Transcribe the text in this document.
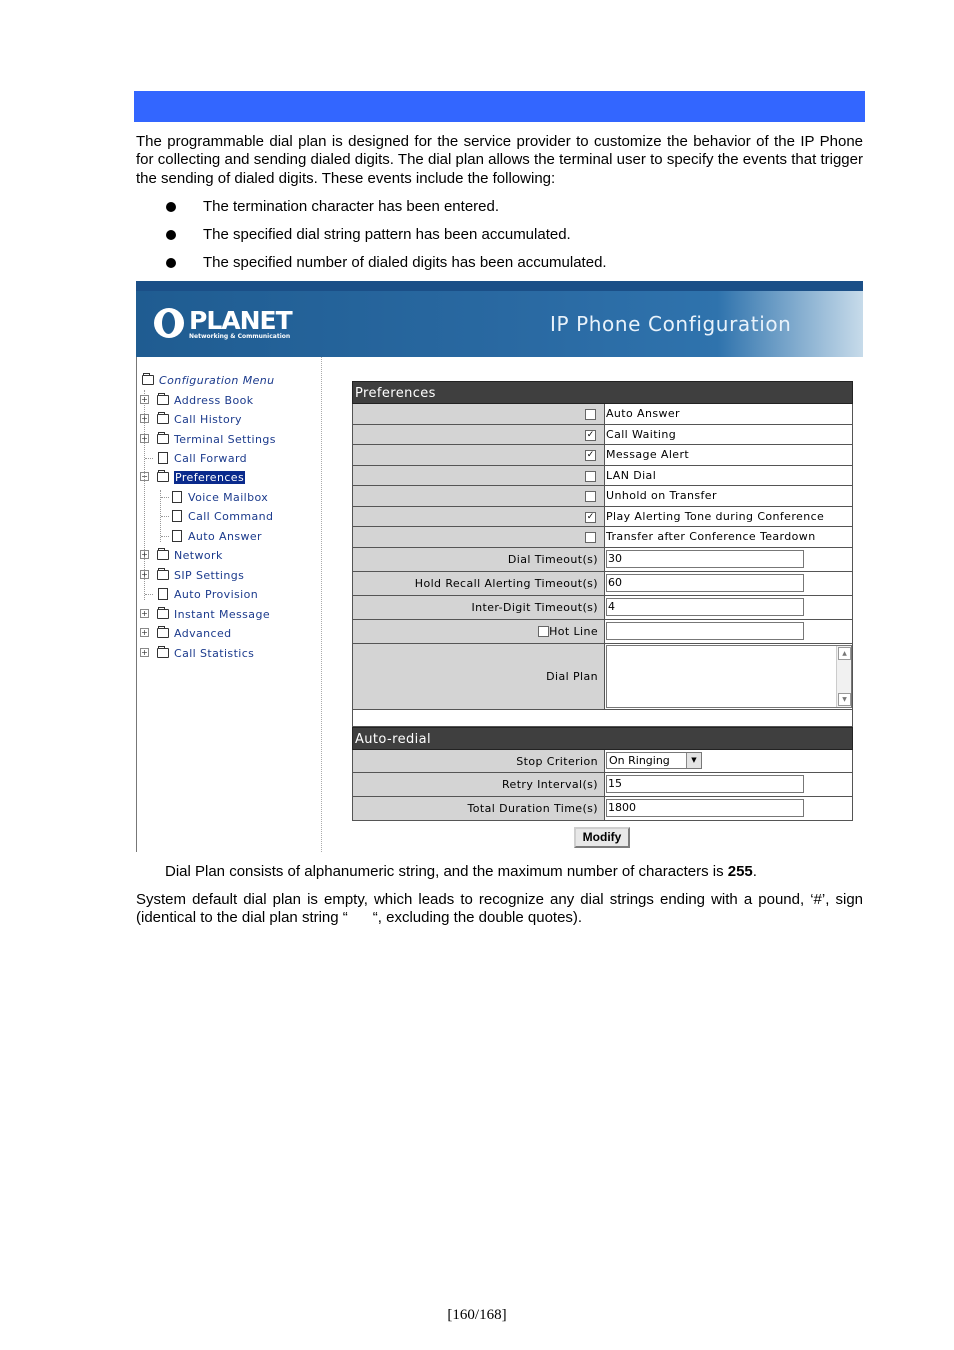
The programmable dial plan is designed for the service provider to customize the behavior of the IP Phone for collecting and sending dialed digits. The dial plan allows the terminal user to specify the events that trigger the sending of dialed digits. These events include the following:
The termination character has been entered.
The specified dial string pattern has been accumulated.
The specified number of dialed digits has been accumulated.
PLANET
Networking & Communication
IP Phone Configuration
Configuration Menu
+ Address Book
+ Call History
+ Terminal Settings
Call Forward
− Preferences
Voice Mailbox
Call Command
Auto Answer
+ Network
+ SIP Settings
Auto Provision
+ Instant Message
+ Advanced
+ Call Statistics
Preferences
Auto Answer
✓ Call Waiting
✓ Message Alert
LAN Dial
Unhold on Transfer
✓ Play Alerting Tone during Conference
Transfer after Conference Teardown
Dial Timeout(s) 30
Hold Recall Alerting Timeout(s) 60
Inter-Digit Timeout(s) 4
Hot Line
Dial Plan
▲
▼
Auto-redial
Stop Criterion On Ringing	▼
Retry Interval(s) 15
Total Duration Time(s) 1800
Modify
Dial Plan consists of alphanumeric string, and the maximum number of characters is 255.
System default dial plan is empty, which leads to recognize any dial strings ending with a pound, ‘#’, sign (identical to the dial plan string “      “, excluding the double quotes).
[160/168]
